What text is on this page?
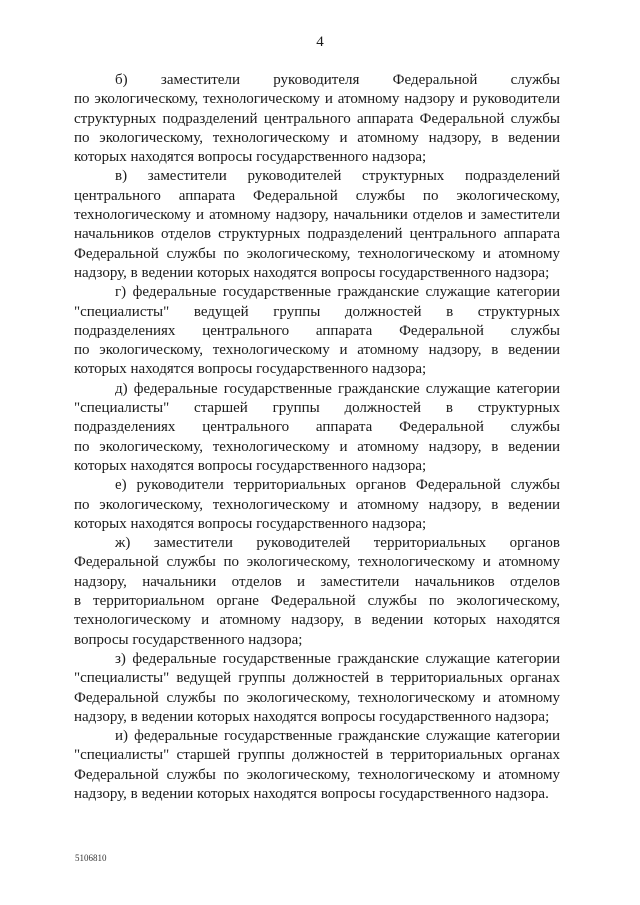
4

б) заместители руководителя Федеральной службы

по экологическому, технологическому и атомному надзору и руководители

структурных подразделений центрального аппарата Федеральной службы

по экологическому, технологическому и атомному надзору, в ведении

которых находятся вопросы государственного надзора;

в) заместители руководителей структурных подразделений

центрального аппарата Федеральной службы по экологическому,

технологическому и атомному надзору, начальники отделов и заместители

начальников отделов структурных подразделений центрального аппарата

Федеральной службы по экологическому, технологическому и атомному

надзору, в ведении которых находятся вопросы государственного надзора;

г) федеральные государственные гражданские служащие категории

"специалисты" ведущей группы должностей в структурных

подразделениях центрального аппарата Федеральной службы

по экологическому, технологическому и атомному надзору, в ведении

которых находятся вопросы государственного надзора;

д) федеральные государственные гражданские служащие категории

"специалисты" старшей группы должностей в структурных

подразделениях центрального аппарата Федеральной службы

по экологическому, технологическому и атомному надзору, в ведении

которых находятся вопросы государственного надзора;

е) руководители территориальных органов Федеральной службы

по экологическому, технологическому и атомному надзору, в ведении

которых находятся вопросы государственного надзора;

ж) заместители руководителей территориальных органов

Федеральной службы по экологическому, технологическому и атомному

надзору, начальники отделов и заместители начальников отделов

в территориальном органе Федеральной службы по экологическому,

технологическому и атомному надзору, в ведении которых находятся

вопросы государственного надзора;

з) федеральные государственные гражданские служащие категории

"специалисты" ведущей группы должностей в территориальных органах

Федеральной службы по экологическому, технологическому и атомному

надзору, в ведении которых находятся вопросы государственного надзора;

и) федеральные государственные гражданские служащие категории

"специалисты" старшей группы должностей в территориальных органах

Федеральной службы по экологическому, технологическому и атомному

надзору, в ведении которых находятся вопросы государственного надзора.

5106810
